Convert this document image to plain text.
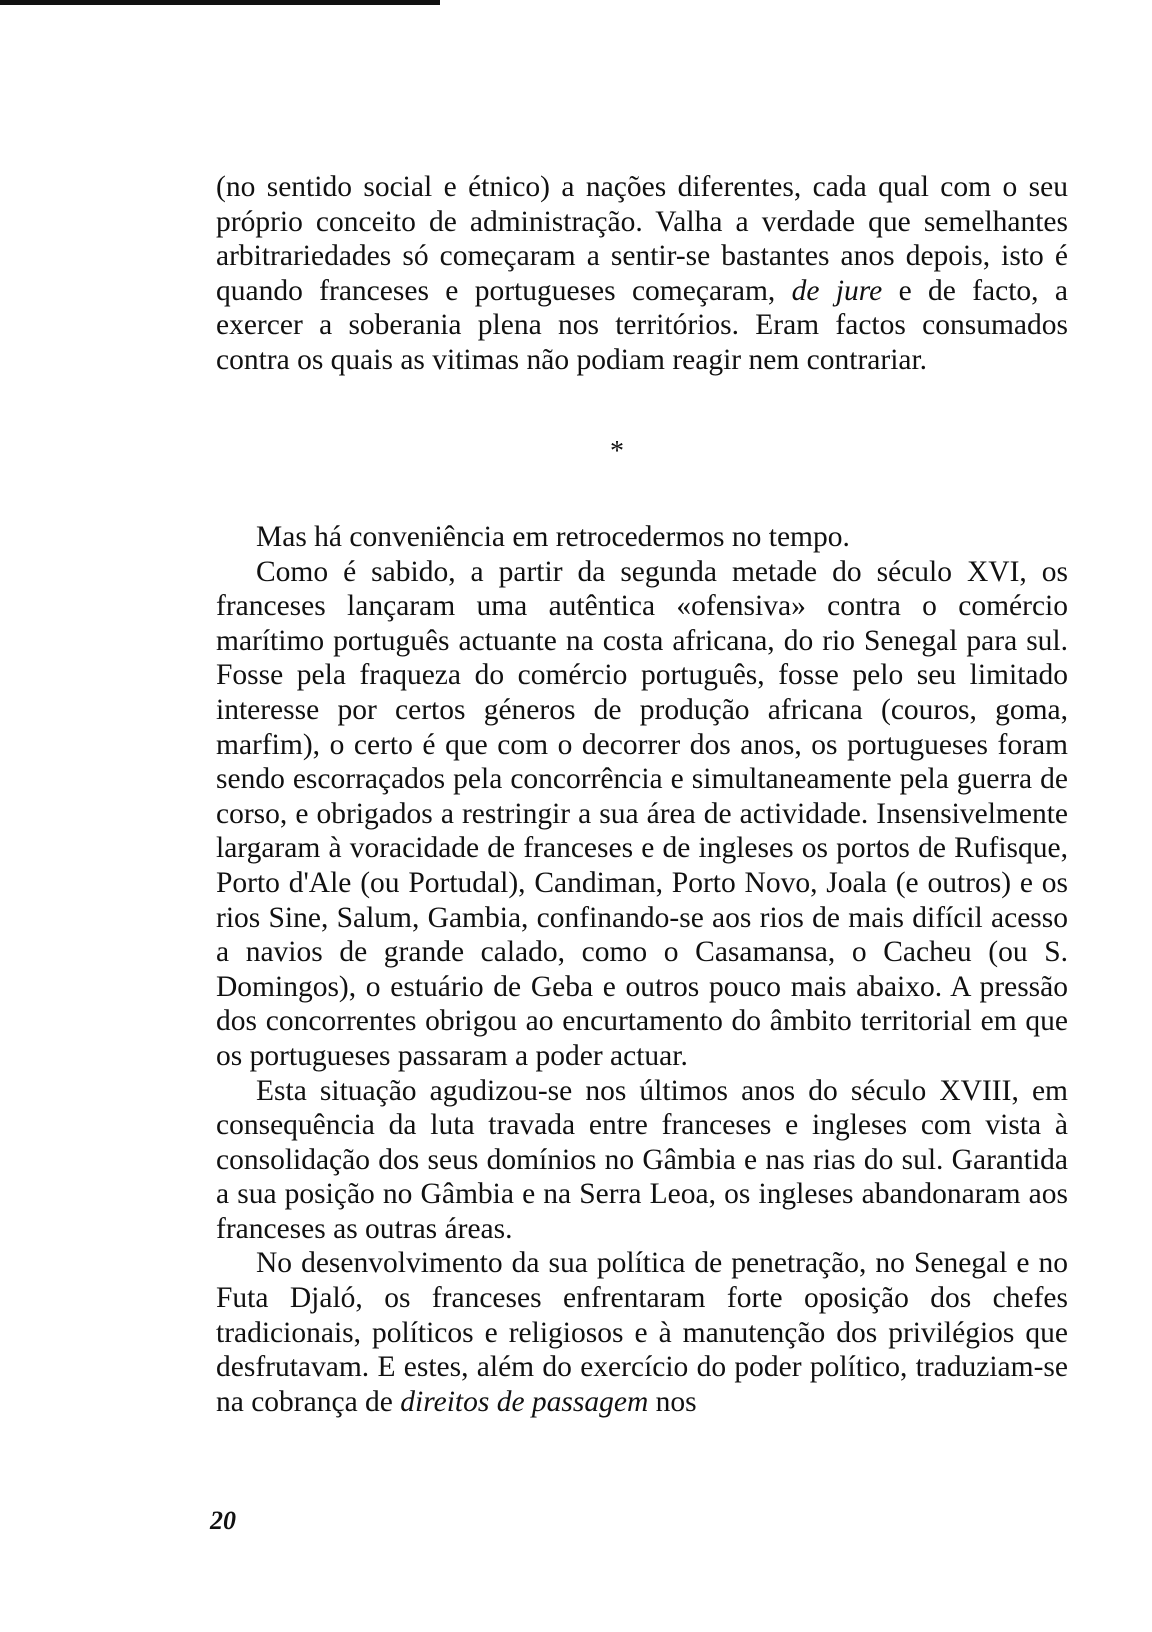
(no sentido social e étnico) a nações diferentes, cada qual com o seu próprio conceito de administração. Valha a verdade que semelhantes arbitrariedades só começaram a sentir-se bastantes anos depois, isto é quando franceses e portugueses começaram, de jure e de facto, a exercer a soberania plena nos territórios. Eram factos consumados contra os quais as vitimas não podiam reagir nem contrariar.

*

Mas há conveniência em retrocedermos no tempo.

Como é sabido, a partir da segunda metade do século XVI, os franceses lançaram uma autêntica «ofensiva» contra o comércio marítimo português actuante na costa africana, do rio Senegal para sul. Fosse pela fraqueza do comércio português, fosse pelo seu limitado interesse por certos géneros de produção africana (couros, goma, marfim), o certo é que com o decorrer dos anos, os portugueses foram sendo escorraçados pela concorrência e simultaneamente pela guerra de corso, e obrigados a restringir a sua área de actividade. Insensivelmente largaram à voracidade de franceses e de ingleses os portos de Rufisque, Porto d'Ale (ou Portudal), Candiman, Porto Novo, Joala (e outros) e os rios Sine, Salum, Gambia, confinando-se aos rios de mais difícil acesso a navios de grande calado, como o Casamansa, o Cacheu (ou S. Domingos), o estuário de Geba e outros pouco mais abaixo. A pressão dos concorrentes obrigou ao encurtamento do âmbito territorial em que os portugueses passaram a poder actuar.

Esta situação agudizou-se nos últimos anos do século XVIII, em consequência da luta travada entre franceses e ingleses com vista à consolidação dos seus domínios no Gâmbia e nas rias do sul. Garantida a sua posição no Gâmbia e na Serra Leoa, os ingleses abandonaram aos franceses as outras áreas.

No desenvolvimento da sua política de penetração, no Senegal e no Futa Djaló, os franceses enfrentaram forte oposição dos chefes tradicionais, políticos e religiosos e à manutenção dos privilégios que desfrutavam. E estes, além do exercício do poder político, traduziam-se na cobrança de direitos de passagem nos

20
